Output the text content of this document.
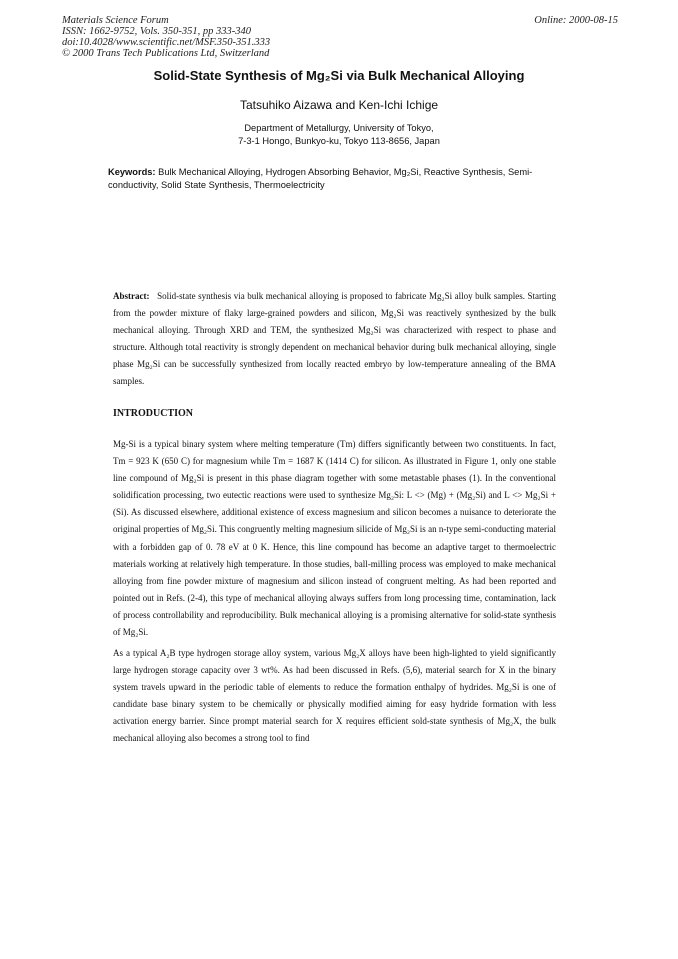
Materials Science Forum
ISSN: 1662-9752, Vols. 350-351, pp 333-340
doi:10.4028/www.scientific.net/MSF.350-351.333
© 2000 Trans Tech Publications Ltd, Switzerland
Online: 2000-08-15
Solid-State Synthesis of Mg₂Si via Bulk Mechanical Alloying
Tatsuhiko Aizawa and Ken-Ichi Ichige
Department of Metallurgy, University of Tokyo,
7-3-1 Hongo, Bunkyo-ku, Tokyo 113-8656, Japan
Keywords: Bulk Mechanical Alloying, Hydrogen Absorbing Behavior, Mg₂Si, Reactive Synthesis, Semi-conductivity, Solid State Synthesis, Thermoelectricity
Abstract: Solid-state synthesis via bulk mechanical alloying is proposed to fabricate Mg₂Si alloy bulk samples. Starting from the powder mixture of flaky large-grained powders and silicon, Mg₂Si was reactively synthesized by the bulk mechanical alloying. Through XRD and TEM, the synthesized Mg₂Si was characterized with respect to phase and structure. Although total reactivity is strongly dependent on mechanical behavior during bulk mechanical alloying, single phase Mg₂Si can be successfully synthesized from locally reacted embryo by low-temperature annealing of the BMA samples.
INTRODUCTION
Mg-Si is a typical binary system where melting temperature (Tm) differs significantly between two constituents. In fact, Tm = 923 K (650 C) for magnesium while Tm = 1687 K (1414 C) for silicon. As illustrated in Figure 1, only one stable line compound of Mg₂Si is present in this phase diagram together with some metastable phases (1). In the conventional solidification processing, two eutectic reactions were used to synthesize Mg₂Si: L <> (Mg) + (Mg₂Si) and L <> Mg₂Si + (Si). As discussed elsewhere, additional existence of excess magnesium and silicon becomes a nuisance to deteriorate the original properties of Mg₂Si. This congruently melting magnesium silicide of Mg₂Si is an n-type semi-conducting material with a forbidden gap of 0. 78 eV at 0 K. Hence, this line compound has become an adaptive target to thermoelectric materials working at relatively high temperature. In those studies, ball-milling process was employed to make mechanical alloying from fine powder mixture of magnesium and silicon instead of congruent melting. As had been reported and pointed out in Refs. (2-4), this type of mechanical alloying always suffers from long processing time, contamination, lack of process controllability and reproducibility. Bulk mechanical alloying is a promising alternative for solid-state synthesis of Mg₂Si.
As a typical A₂B type hydrogen storage alloy system, various Mg₂X alloys have been high-lighted to yield significantly large hydrogen storage capacity over 3 wt%. As had been discussed in Refs. (5,6), material search for X in the binary system travels upward in the periodic table of elements to reduce the formation enthalpy of hydrides. Mg₂Si is one of candidate base binary system to be chemically or physically modified aiming for easy hydride formation with less activation energy barrier. Since prompt material search for X requires efficient sold-state synthesis of Mg₂X, the bulk mechanical alloying also becomes a strong tool to find
